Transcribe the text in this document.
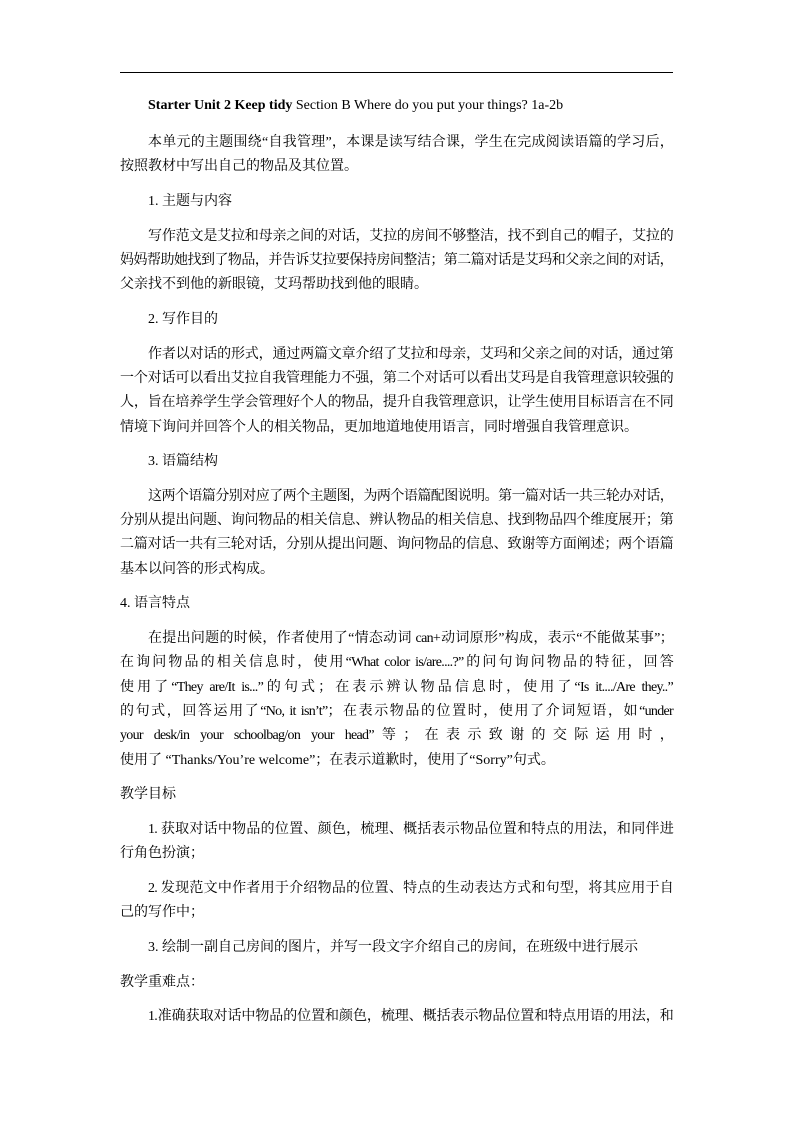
Starter Unit 2 Keep tidy Section B Where do you put your things? 1a-2b
本单元的主题围绕“自我管理”，本课是读写结合课，学生在完成阅读语篇的学习后，
按照教材中写出自己的物品及其位置。
1. 主题与内容
写作范文是艾拉和母亲之间的对话，艾拉的房间不够整洁，找不到自己的帽子，艾拉的
妈妈帮助她找到了物品，并告诉艾拉要保持房间整洁；第二篇对话是艾玛和父亲之间的对话，
父亲找不到他的新眼镜，艾玛帮助找到他的眼睛。
2. 写作目的
作者以对话的形式，通过两篇文章介绍了艾拉和母亲，艾玛和父亲之间的对话，通过第
一个对话可以看出艾拉自我管理能力不强，第二个对话可以看出艾玛是自我管理意识较强的
人，旨在培养学生学会管理好个人的物品，提升自我管理意识，让学生使用目标语言在不同
情境下询问并回答个人的相关物品，更加地道地使用语言，同时增强自我管理意识。
3. 语篇结构
这两个语篇分别对应了两个主题图，为两个语篇配图说明。第一篇对话一共三轮办对话，
分别从提出问题、询问物品的相关信息、辨认物品的相关信息、找到物品四个维度展开；第
二篇对话一共有三轮对话，分别从提出问题、询问物品的信息、致谢等方面阐述；两个语篇
基本以问答的形式构成。
4. 语言特点
在提出问题的时候，作者使用了“情态动词 can+动词原形”构成，表示“不能做某事”；
在询问物品的相关信息时，使用“What color is/are....?”的问句询问物品的特征，回答
使用了“They are/It is...”的句式；在表示辨认物品信息时，使用了“Is it..../Are they..”
的句式，回答运用了“No, it isn’t”；在表示物品的位置时，使用了介词短语，如“under
your desk/in your schoolbag/on your head”等；在表示致谢的交际运用时，
使用了 “Thanks/You’re welcome”；在表示道歉时，使用了“Sorry”句式。
教学目标
1. 获取对话中物品的位置、颜色，梳理、概括表示物品位置和特点的用法，和同伴进
行角色扮演；
2. 发现范文中作者用于介绍物品的位置、特点的生动表达方式和句型，将其应用于自
己的写作中；
3. 绘制一副自己房间的图片，并写一段文字介绍自己的房间，在班级中进行展示
教学重难点：
1.准确获取对话中物品的位置和颜色，梳理、概括表示物品位置和特点用语的用法，和
